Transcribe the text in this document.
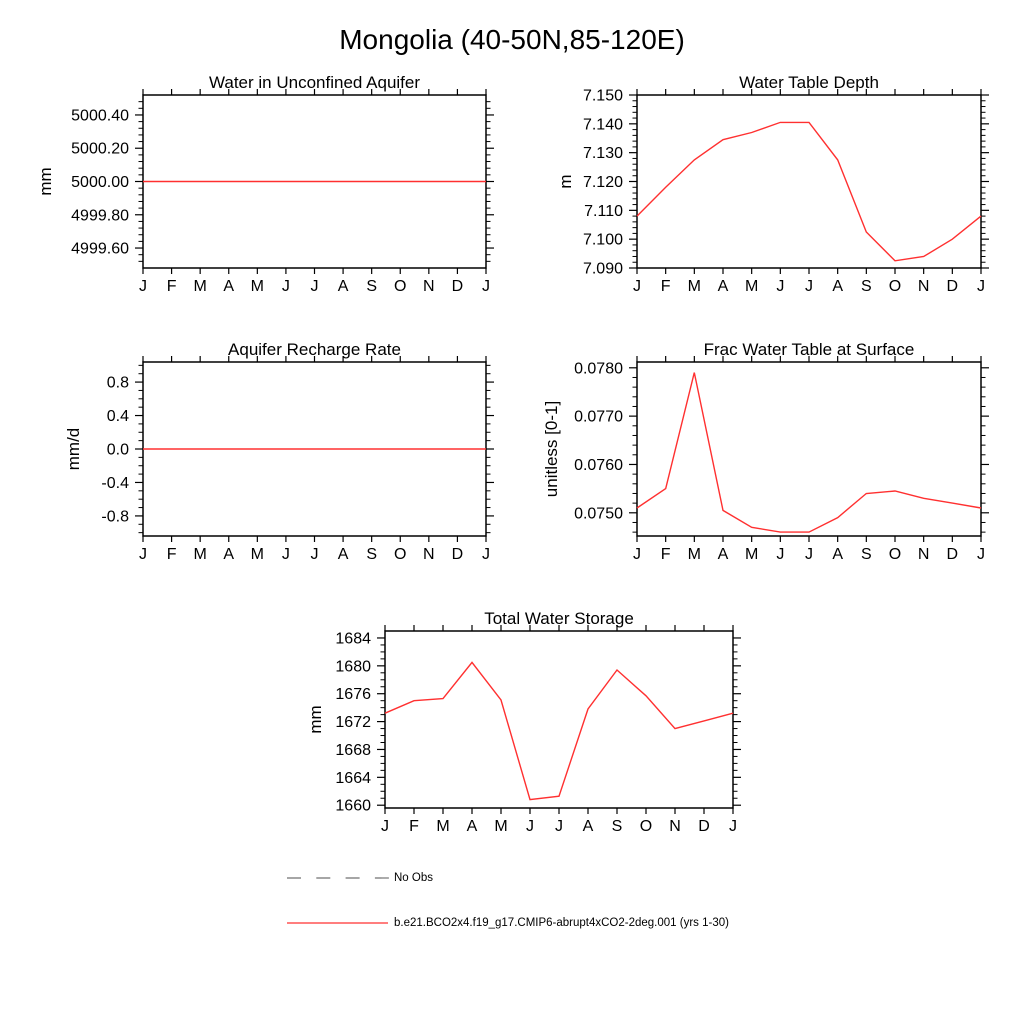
Mongolia (40-50N,85-120E)
J F M A M J J A S O N D J
4999.60
4999.80
5000.00
5000.20
5000.40
Water in Unconfined Aquifer
mm
J F M A M J J A S O N D J
7.090
7.100
7.110
7.120
7.130
7.140
7.150
Water Table Depth
m
J F M A M J J A S O N D J
-0.8
-0.4
0.0
0.4
0.8
Aquifer Recharge Rate
mm/d
J F M A M J J A S O N D J
0.0750
0.0760
0.0770
0.0780
Frac Water Table at Surface
unitless [0-1]
J F M A M J J A S O N D J
1660
1664
1668
1672
1676
1680
1684
Total Water Storage
mm
No Obs
b.e21.BCO2x4.f19_g17.CMIP6-abrupt4xCO2-2deg.001 (yrs 1-30)
